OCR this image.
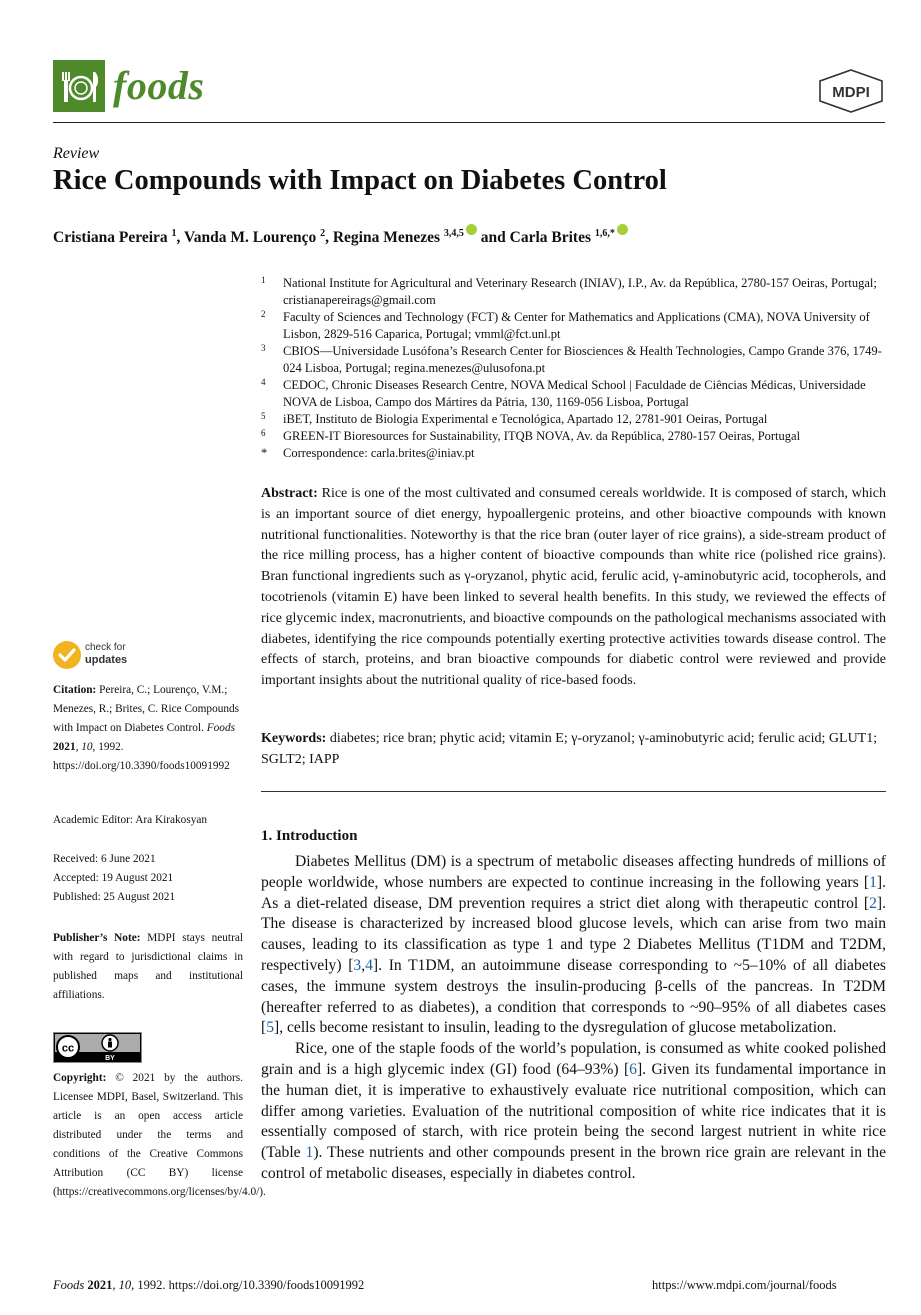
foods	MDPI
Review
Rice Compounds with Impact on Diabetes Control
Cristiana Pereira $^1$, Vanda M. Lourenço $^2$, Regina Menezes $^{3,4,5}$ and Carla Brites $^{1,6,*}$

1 National Institute for Agricultural and Veterinary Research (INIAV), I.P., Av. da República, 2780-157 Oeiras, Portugal; cristianapereirags@gmail.com

2 Faculty of Sciences and Technology (FCT) & Center for Mathematics and Applications (CMA), NOVA University of Lisbon, 2829-516 Caparica, Portugal; vmml@fct.unl.pt

3 CBIOS—Universidade Lusófona’s Research Center for Biosciences & Health Technologies, Campo Grande 376, 1749-024 Lisboa, Portugal; regina.menezes@ulusofona.pt

4 CEDOC, Chronic Diseases Research Centre, NOVA Medical School | Faculdade de Ciências Médicas, Universidade NOVA de Lisboa, Campo dos Mártires da Pátria, 130, 1169-056 Lisboa, Portugal

5 iBET, Instituto de Biologia Experimental e Tecnológica, Apartado 12, 2781-901 Oeiras, Portugal

6 GREEN-IT Bioresources for Sustainability, ITQB NOVA, Av. da República, 2780-157 Oeiras, Portugal

* Correspondence: carla.brites@iniav.pt

Abstract: Rice is one of the most cultivated and consumed cereals worldwide. It is composed of starch, which is an important source of diet energy, hypoallergenic proteins, and other bioactive compounds with known nutritional functionalities. Noteworthy is that the rice bran (outer layer of rice grains), a side-stream product of the rice milling process, has a higher content of bioactive compounds than white rice (polished rice grains). Bran functional ingredients such as γ-oryzanol, phytic acid, ferulic acid, γ-aminobutyric acid, tocopherols, and tocotrienols (vitamin E) have been linked to several health benefits. In this study, we reviewed the effects of rice glycemic index, macronutrients, and bioactive compounds on the pathological mechanisms associated with diabetes, identifying the rice compounds potentially exerting protective activities towards disease control. The effects of starch, proteins, and bran bioactive compounds for diabetic control were reviewed and provide important insights about the nutritional quality of rice-based foods.

Keywords: diabetes; rice bran; phytic acid; vitamin E; γ-oryzanol; γ-aminobutyric acid; ferulic acid; GLUT1; SGLT2; IAPP

1. Introduction

Diabetes Mellitus (DM) is a spectrum of metabolic diseases affecting hundreds of millions of people worldwide, whose numbers are expected to continue increasing in the following years [1]. As a diet-related disease, DM prevention requires a strict diet along with therapeutic control [2]. The disease is characterized by increased blood glucose levels, which can arise from two main causes, leading to its classification as type 1 and type 2 Diabetes Mellitus (T1DM and T2DM, respectively) [3,4]. In T1DM, an autoimmune disease corresponding to ~5–10% of all diabetes cases, the immune system destroys the insulin-producing β-cells of the pancreas. In T2DM (hereafter referred to as diabetes), a condition that corresponds to ~90–95% of all diabetes cases [5], cells become resistant to insulin, leading to the dysregulation of glucose metabolization.

Rice, one of the staple foods of the world’s population, is consumed as white cooked polished grain and is a high glycemic index (GI) food (64–93%) [6]. Given its fundamental importance in the human diet, it is imperative to exhaustively evaluate rice nutritional composition, which can differ among varieties. Evaluation of the nutritional composition of white rice indicates that it is essentially composed of starch, with rice protein being the second largest nutrient in white rice (Table 1). These nutrients and other compounds present in the brown rice grain are relevant in the control of metabolic diseases, especially in diabetes control.

check for
updates

Citation: Pereira, C.; Lourenço, V.M.; Menezes, R.; Brites, C. Rice Compounds with Impact on Diabetes Control. Foods 2021, 10, 1992. https://doi.org/10.3390/foods10091992

Academic Editor: Ara Kirakosyan

Received: 6 June 2021
Accepted: 19 August 2021
Published: 25 August 2021

Publisher’s Note: MDPI stays neutral with regard to jurisdictional claims in published maps and institutional affiliations.

cc
BY

Copyright: © 2021 by the authors. Licensee MDPI, Basel, Switzerland. This article is an open access article distributed under the terms and conditions of the Creative Commons Attribution (CC BY) license (https://creativecommons.org/licenses/by/4.0/).

Foods 2021, 10, 1992. https://doi.org/10.3390/foods10091992	https://www.mdpi.com/journal/foods
